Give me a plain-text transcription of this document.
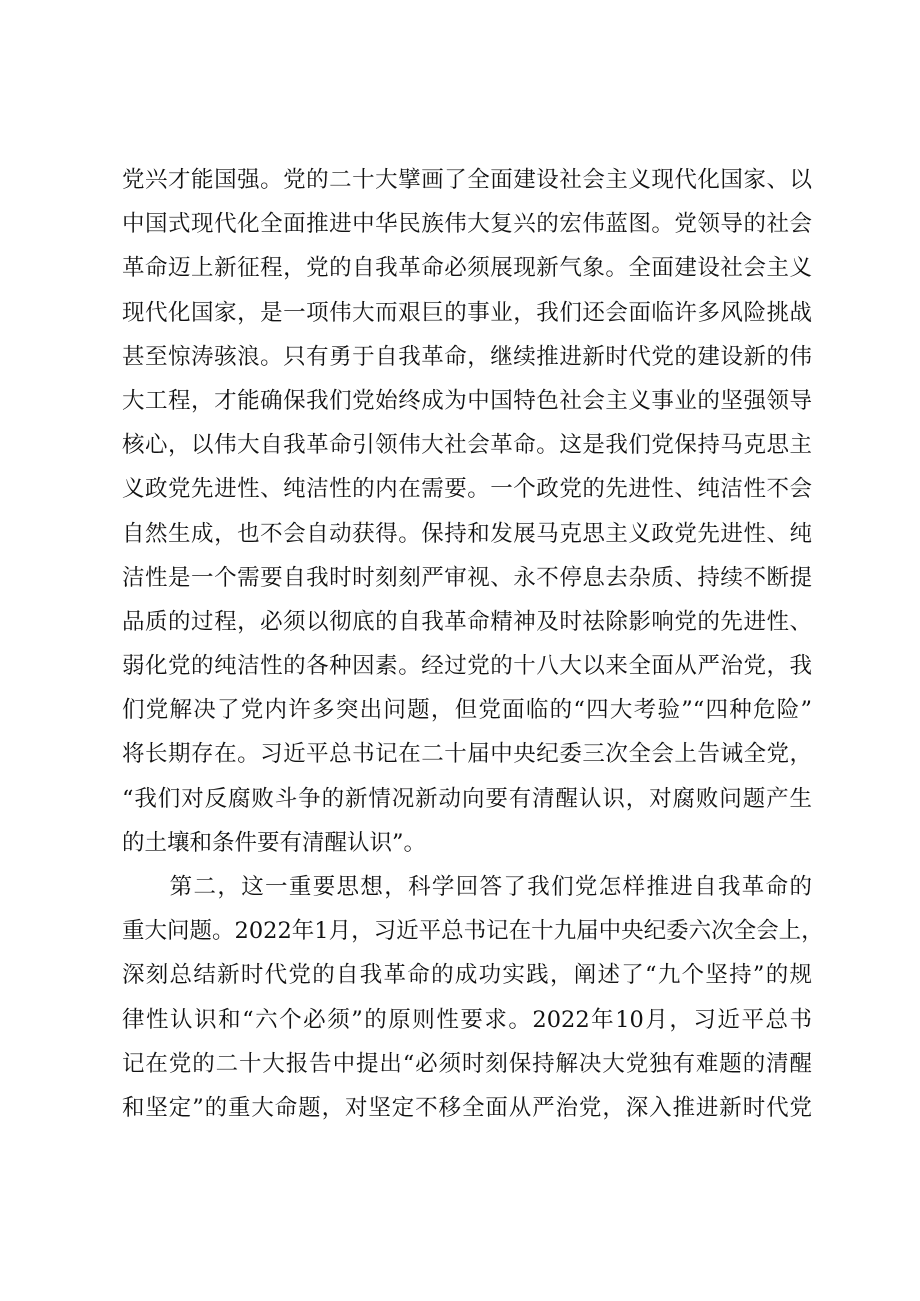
党兴才能国强。党的二十大擘画了全面建设社会主义现代化国家、以
中国式现代化全面推进中华民族伟大复兴的宏伟蓝图。党领导的社会
革命迈上新征程，党的自我革命必须展现新气象。全面建设社会主义
现代化国家，是一项伟大而艰巨的事业，我们还会面临许多风险挑战
甚至惊涛骇浪。只有勇于自我革命，继续推进新时代党的建设新的伟
大工程，才能确保我们党始终成为中国特色社会主义事业的坚强领导
核心，以伟大自我革命引领伟大社会革命。这是我们党保持马克思主
义政党先进性、纯洁性的内在需要。一个政党的先进性、纯洁性不会
自然生成，也不会自动获得。保持和发展马克思主义政党先进性、纯
洁性是一个需要自我时时刻刻严审视、永不停息去杂质、持续不断提
品质的过程，必须以彻底的自我革命精神及时祛除影响党的先进性、
弱化党的纯洁性的各种因素。经过党的十八大以来全面从严治党，我
们党解决了党内许多突出问题，但党面临的“四大考验”“四种危险”
将长期存在。习近平总书记在二十届中央纪委三次全会上告诫全党，
“我们对反腐败斗争的新情况新动向要有清醒认识，对腐败问题产生
的土壤和条件要有清醒认识”。
　　第二，这一重要思想，科学回答了我们党怎样推进自我革命的
重大问题。2022年1月，习近平总书记在十九届中央纪委六次全会上，
深刻总结新时代党的自我革命的成功实践，阐述了“九个坚持”的规
律性认识和“六个必须”的原则性要求。2022年10月，习近平总书
记在党的二十大报告中提出“必须时刻保持解决大党独有难题的清醒
和坚定”的重大命题，对坚定不移全面从严治党，深入推进新时代党
